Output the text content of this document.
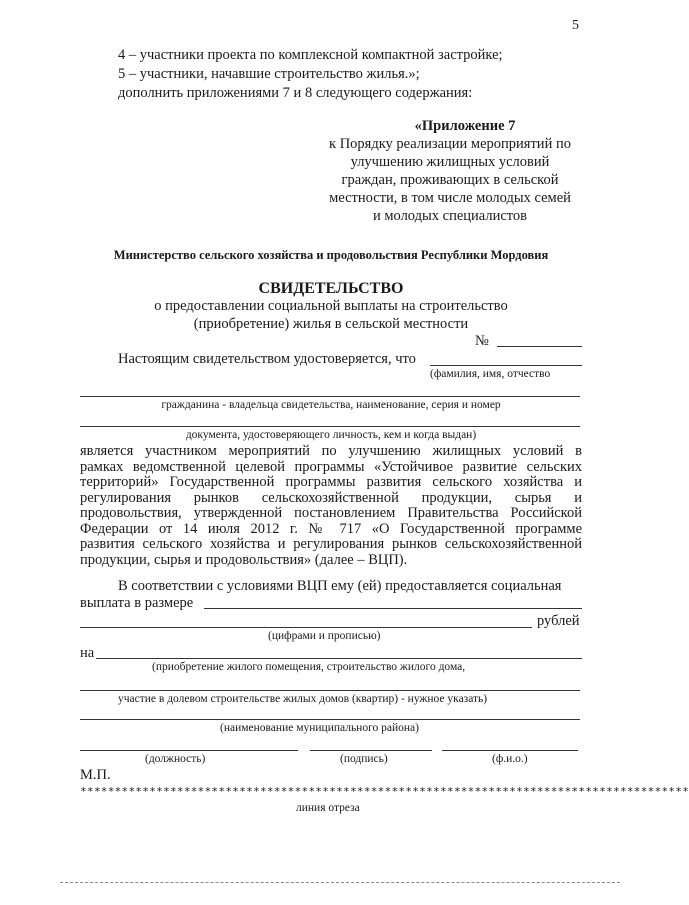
5
4 – участники проекта по комплексной компактной застройке;
5 – участники, начавшие строительство жилья.»;
дополнить приложениями 7 и 8 следующего содержания:
«Приложение 7
к Порядку реализации мероприятий по
улучшению жилищных условий
граждан, проживающих в сельской
местности, в том числе молодых семей
и молодых специалистов
Министерство сельского хозяйства и продовольствия Республики Мордовия
СВИДЕТЕЛЬСТВО
о предоставлении социальной выплаты на строительство
(приобретение) жилья в сельской местности
№
Настоящим свидетельством удостоверяется, что
(фамилия, имя, отчество
гражданина - владельца свидетельства, наименование, серия и номер
документа, удостоверяющего личность, кем и когда выдан)
является участником мероприятий по улучшению жилищных условий в
рамках ведомственной целевой программы «Устойчивое развитие сельских
территорий» Государственной программы развития сельского хозяйства и
регулирования рынков сельскохозяйственной продукции, сырья и
продовольствия, утвержденной постановлением Правительства Российской
Федерации от 14 июля 2012 г. № 717 «О Государственной программе
развития сельского хозяйства и регулирования рынков сельскохозяйственной
продукции, сырья и продовольствия» (далее – ВЦП).
В соответствии с условиями ВЦП ему (ей) предоставляется социальная
выплата в размере
рублей
(цифрами и прописью)
на
(приобретение жилого помещения, строительство жилого дома,
участие в долевом строительстве жилых домов (квартир) - нужное указать)
(наименование муниципального района)
(должность)	(подпись)	(ф.и.о.)
М.П.
****************************************************************************************
линия отреза
